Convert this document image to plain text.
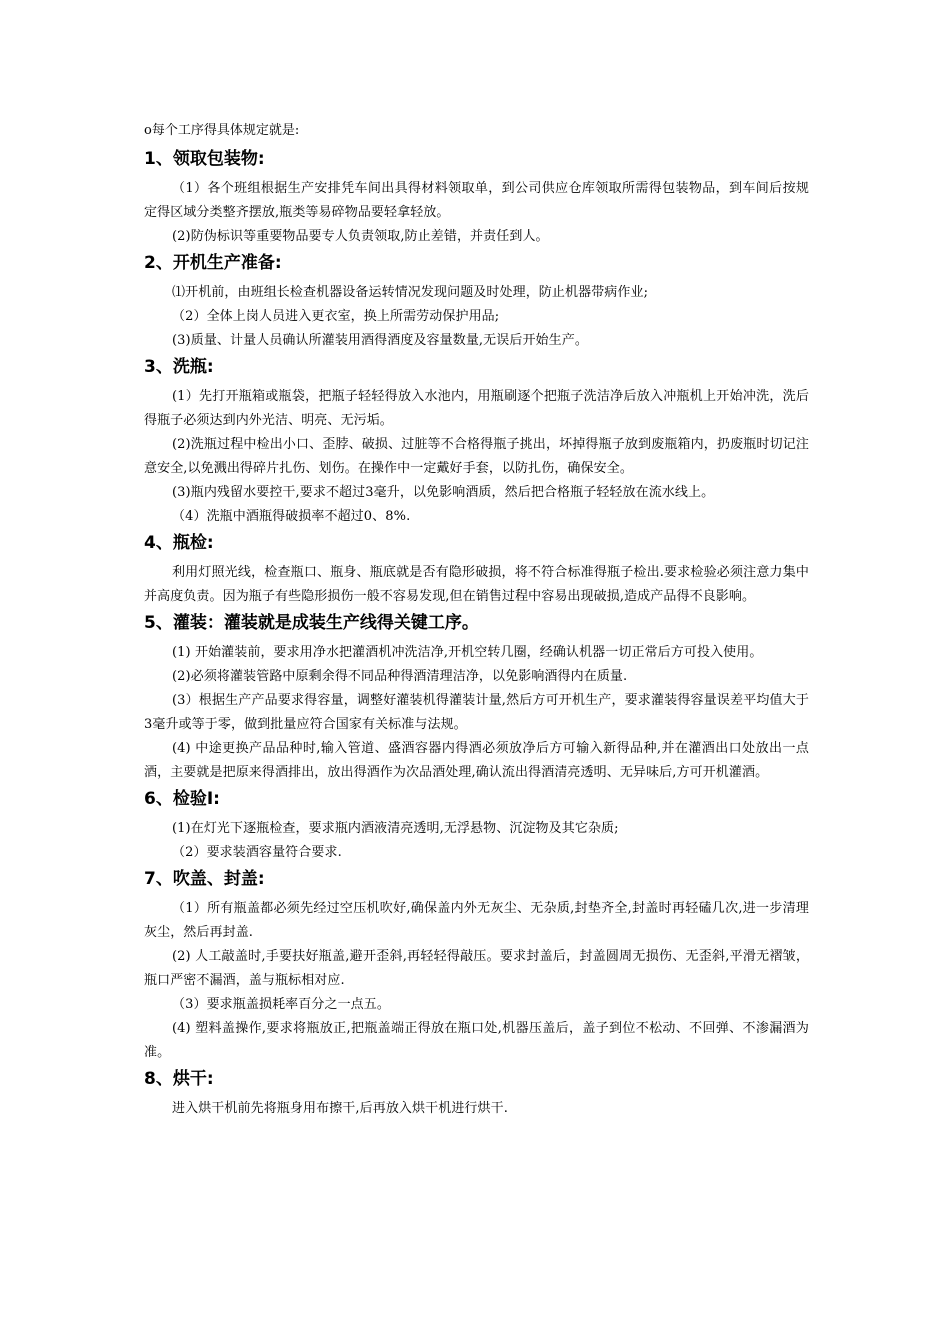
o每个工序得具体规定就是:

1、领取包装物:

（1）各个班组根据生产安排凭车间出具得材料领取单，到公司供应仓库领取所需得包装物品，到车间后按规定得区域分类整齐摆放,瓶类等易碎物品要轻拿轻放。

(2)防伪标识等重要物品要专人负责领取,防止差错，并责任到人。

2、开机生产准备:

⑴开机前，由班组长检查机器设备运转情况发现问题及时处理，防止机器带病作业;

（2）全体上岗人员进入更衣室，换上所需劳动保护用品;

(3)质量、计量人员确认所灌装用酒得酒度及容量数量,无误后开始生产。

3、洗瓶:

(1）先打开瓶箱或瓶袋，把瓶子轻轻得放入水池内，用瓶刷逐个把瓶子洗洁净后放入冲瓶机上开始冲洗，洗后得瓶子必须达到内外光洁、明亮、无污垢。

(2)洗瓶过程中检出小口、歪脖、破损、过脏等不合格得瓶子挑出，坏掉得瓶子放到废瓶箱内，扔废瓶时切记注意安全,以免溅出得碎片扎伤、划伤。在操作中一定戴好手套，以防扎伤，确保安全。

(3)瓶内残留水要控干,要求不超过3毫升，以免影响酒质，然后把合格瓶子轻轻放在流水线上。

（4）洗瓶中酒瓶得破损率不超过0、8%.

4、瓶检:

利用灯照光线，检查瓶口、瓶身、瓶底就是否有隐形破损，将不符合标准得瓶子检出.要求检验必须注意力集中并高度负责。因为瓶子有些隐形损伤一般不容易发现,但在销售过程中容易出现破损,造成产品得不良影响。

5、灌装：灌装就是成装生产线得关键工序。

(1) 开始灌装前，要求用净水把灌酒机冲洗洁净,开机空转几圈，经确认机器一切正常后方可投入使用。

(2)必须将灌装管路中原剩余得不同品种得酒清理洁净，以免影响酒得内在质量.

(3）根据生产产品要求得容量，调整好灌装机得灌装计量,然后方可开机生产，要求灌装得容量误差平均值大于3毫升或等于零，做到批量应符合国家有关标准与法规。

(4) 中途更换产品品种时,输入管道、盛酒容器内得酒必须放净后方可输入新得品种,并在灌酒出口处放出一点酒，主要就是把原来得酒排出，放出得酒作为次品酒处理,确认流出得酒清亮透明、无异味后,方可开机灌酒。

6、检验Ⅰ:

(1)在灯光下逐瓶检查，要求瓶内酒液清亮透明,无浮悬物、沉淀物及其它杂质;

（2）要求装酒容量符合要求.

7、吹盖、封盖:

（1）所有瓶盖都必须先经过空压机吹好,确保盖内外无灰尘、无杂质,封垫齐全,封盖时再轻磕几次,进一步清理灰尘，然后再封盖.

(2) 人工敲盖时,手要扶好瓶盖,避开歪斜,再轻轻得敲压。要求封盖后，封盖圆周无损伤、无歪斜,平滑无褶皱，瓶口严密不漏酒，盖与瓶标相对应.

（3）要求瓶盖损耗率百分之一点五。

(4) 塑料盖操作,要求将瓶放正,把瓶盖端正得放在瓶口处,机器压盖后，盖子到位不松动、不回弹、不渗漏酒为准。

8、烘干:

进入烘干机前先将瓶身用布擦干,后再放入烘干机进行烘干.
